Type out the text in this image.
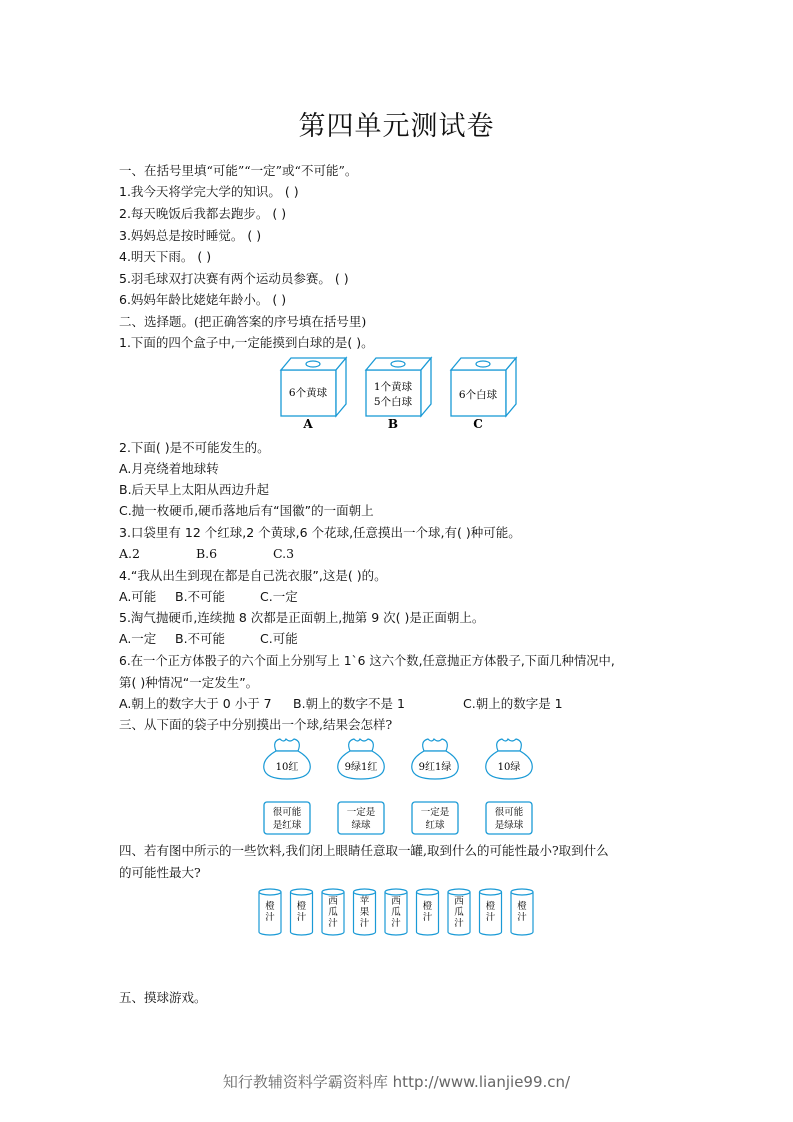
第四单元测试卷
一、在括号里填“可能”“一定”或“不可能”。
1.我今天将学完大学的知识。 ( )
2.每天晚饭后我都去跑步。 ( )
3.妈妈总是按时睡觉。 ( )
4.明天下雨。 ( )
5.羽毛球双打决赛有两个运动员参赛。 ( )
6.妈妈年龄比姥姥年龄小。 ( )
二、选择题。(把正确答案的序号填在括号里)
1.下面的四个盒子中,一定能摸到白球的是( )。
6个黄球
A
1个黄球
5个白球
B
6个白球
C
2.下面( )是不可能发生的。
A.月亮绕着地球转
B.后天早上太阳从西边升起
C.抛一枚硬币,硬币落地后有“国徽”的一面朝上
3.口袋里有 12 个红球,2 个黄球,6 个花球,任意摸出一个球,有( )种可能。
A.2	B.6	C.3
4.“我从出生到现在都是自己洗衣服”,这是( )的。
A.可能 B.不可能	C.一定
5.淘气抛硬币,连续抛 8 次都是正面朝上,抛第 9 次( )是正面朝上。
A.一定 B.不可能	C.可能
6.在一个正方体骰子的六个面上分别写上 1`6 这六个数,任意抛正方体骰子,下面几种情况中,
第( )种情况“一定发生”。
A.朝上的数字大于 0 小于 7 B.朝上的数字不是 1	C.朝上的数字是 1
三、从下面的袋子中分别摸出一个球,结果会怎样?
10红	9绿1红	9红1绿	10绿
很可能
是红球
一定是
绿球
一定是
红球
很可能
是绿球
四、若有图中所示的一些饮料,我们闭上眼睛任意取一罐,取到什么的可能性最小?取到什么
的可能性最大?
橙
汁
橙
汁
西
瓜
汁
苹
果
汁
西
瓜
汁
橙
汁
西
瓜
汁
橙
汁
橙
汁
五、摸球游戏。
知行教辅资料学霸资料库 http://www.lianjie99.cn/
